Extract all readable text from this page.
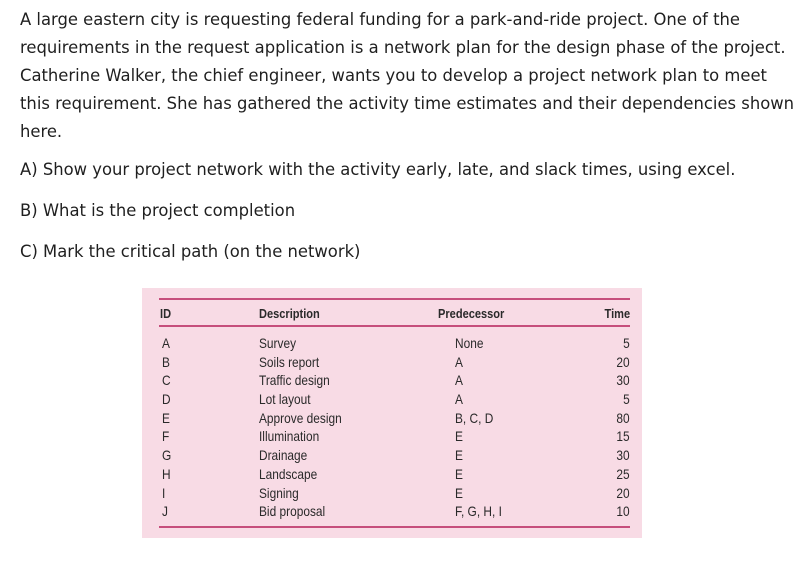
A large eastern city is requesting federal funding for a park-and-ride project. One of the requirements in the request application is a network plan for the design phase of the project. Catherine Walker, the chief engineer, wants you to develop a project network plan to meet this requirement. She has gathered the activity time estimates and their dependencies shown here.

A) Show your project network with the activity early, late, and slack times, using excel.

B) What is the project completion

C) Mark the critical path (on the network)

ID	Description	Predecessor	Time
A	Survey	None	5
B	Soils report	A	20
C	Traffic design	A	30
D	Lot layout	A	5
E	Approve design	B, C, D	80
F	Illumination	E	15
G	Drainage	E	30
H	Landscape	E	25
I	Signing	E	20
J	Bid proposal	F, G, H, I	10
